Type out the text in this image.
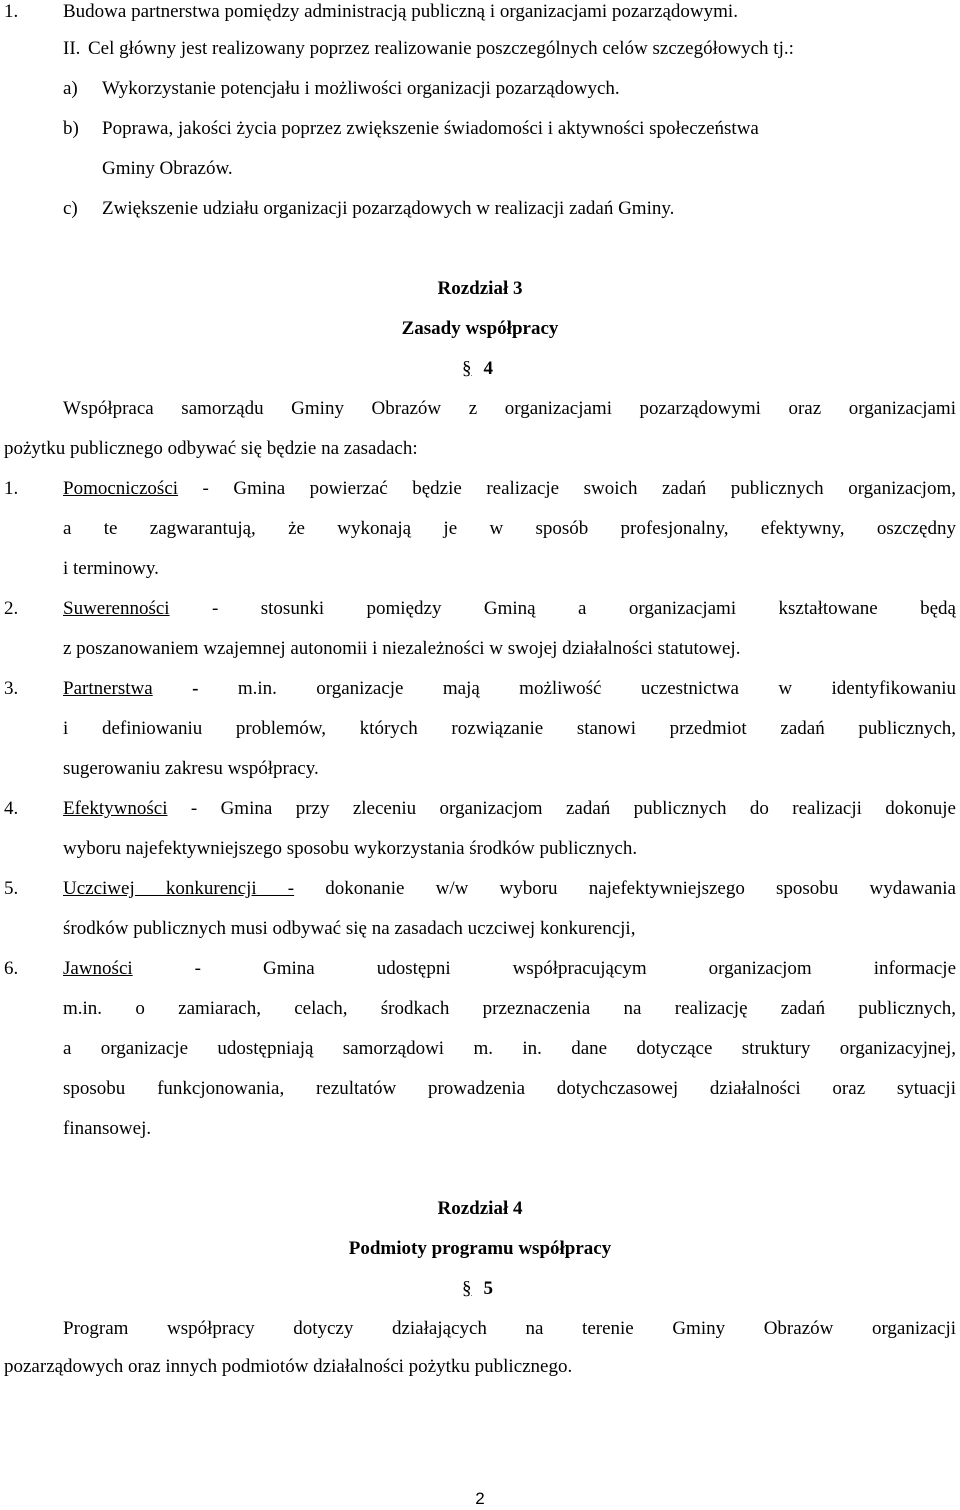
1. Budowa partnerstwa pomiędzy administracją publiczną i organizacjami pozarządowymi.
II. Cel główny jest realizowany poprzez realizowanie poszczególnych celów szczegółowych tj.:
a) Wykorzystanie potencjału i możliwości organizacji pozarządowych.
b) Poprawa, jakości życia poprzez zwiększenie świadomości i aktywności społeczeństwa
Gminy Obrazów.
c) Zwiększenie udziału organizacji pozarządowych w realizacji zadań Gminy.
Rozdział 3
Zasady współpracy
§ 4
Współpraca samorządu Gminy Obrazów z organizacjami pozarządowymi oraz organizacjami
pożytku publicznego odbywać się będzie na zasadach:
1. Pomocniczości - Gmina powierzać będzie realizacje swoich zadań publicznych organizacjom,
a te zagwarantują, że wykonają je w sposób profesjonalny, efektywny, oszczędny
i terminowy.
2. Suwerenności - stosunki pomiędzy Gminą a organizacjami kształtowane będą
z poszanowaniem wzajemnej autonomii i niezależności w swojej działalności statutowej.
3. Partnerstwa - m.in. organizacje mają możliwość uczestnictwa w identyfikowaniu
i definiowaniu problemów, których rozwiązanie stanowi przedmiot zadań publicznych,
sugerowaniu zakresu współpracy.
4. Efektywności - Gmina przy zleceniu organizacjom zadań publicznych do realizacji dokonuje
wyboru najefektywniejszego sposobu wykorzystania środków publicznych.
5. Uczciwej konkurencji - dokonanie w/w wyboru najefektywniejszego sposobu wydawania
środków publicznych musi odbywać się na zasadach uczciwej konkurencji,
6. Jawności - Gmina udostępni współpracującym organizacjom informacje
m.in. o zamiarach, celach, środkach przeznaczenia na realizację zadań publicznych,
a organizacje udostępniają samorządowi m. in. dane dotyczące struktury organizacyjnej,
sposobu funkcjonowania, rezultatów prowadzenia dotychczasowej działalności oraz sytuacji
finansowej.
Rozdział 4
Podmioty programu współpracy
§ 5
Program współpracy dotyczy działających na terenie Gminy Obrazów organizacji
pozarządowych oraz innych podmiotów działalności pożytku publicznego.
2
